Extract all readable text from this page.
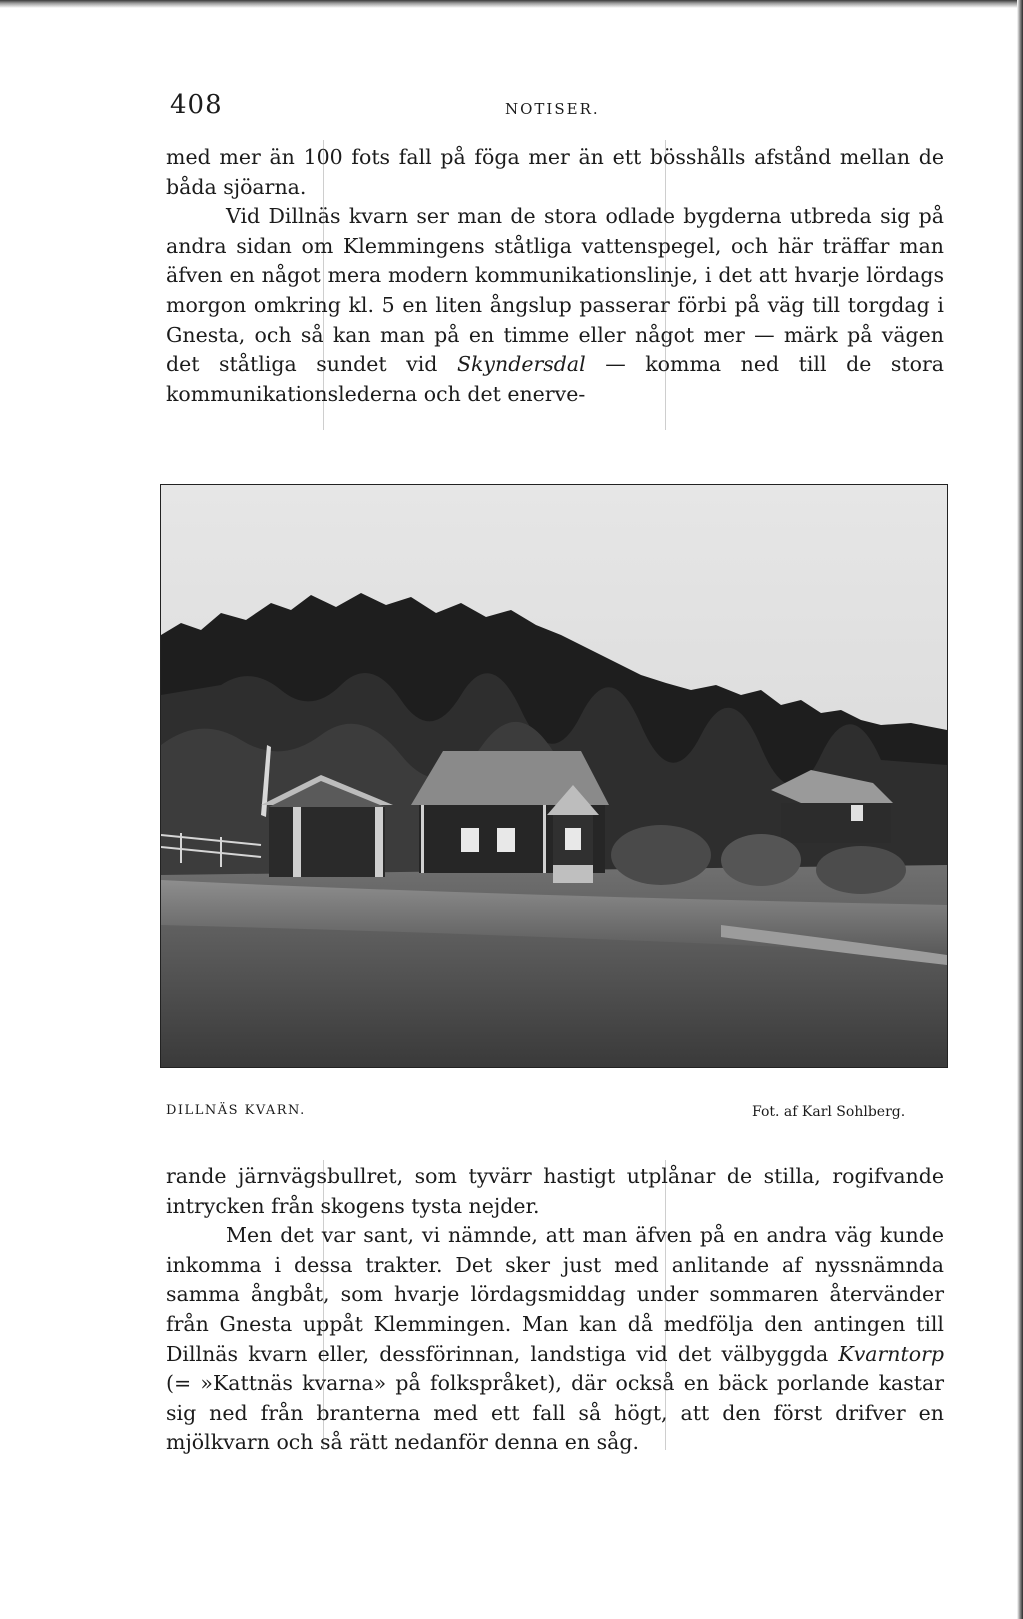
408	NOTISER.

med mer än 100 fots fall på föga mer än ett bösshålls afstånd mellan de båda sjöarna.

Vid Dillnäs kvarn ser man de stora odlade bygderna utbreda sig på andra sidan om Klemmingens ståtliga vattenspegel, och här träffar man äfven en något mera modern kommunikationslinje, i det att hvarje lördags morgon omkring kl. 5 en liten ångslup passerar förbi på väg till torgdag i Gnesta, och så kan man på en timme eller något mer — märk på vägen det ståtliga sundet vid Skyndersdal — komma ned till de stora kommunikationslederna och det enerve-

DILLNÄS KVARN.	Fot. af Karl Sohlberg.

rande järnvägsbullret, som tyvärr hastigt utplånar de stilla, rogifvande intrycken från skogens tysta nejder.

Men det var sant, vi nämnde, att man äfven på en andra väg kunde inkomma i dessa trakter. Det sker just med anlitande af nyssnämnda samma ångbåt, som hvarje lördagsmiddag under sommaren återvänder från Gnesta uppåt Klemmingen. Man kan då medfölja den antingen till Dillnäs kvarn eller, dessförinnan, landstiga vid det välbyggda Kvarntorp (= »Kattnäs kvarna» på folkspråket), där också en bäck porlande kastar sig ned från branterna med ett fall så högt, att den först drifver en mjölkvarn och så rätt nedanför denna en såg.
